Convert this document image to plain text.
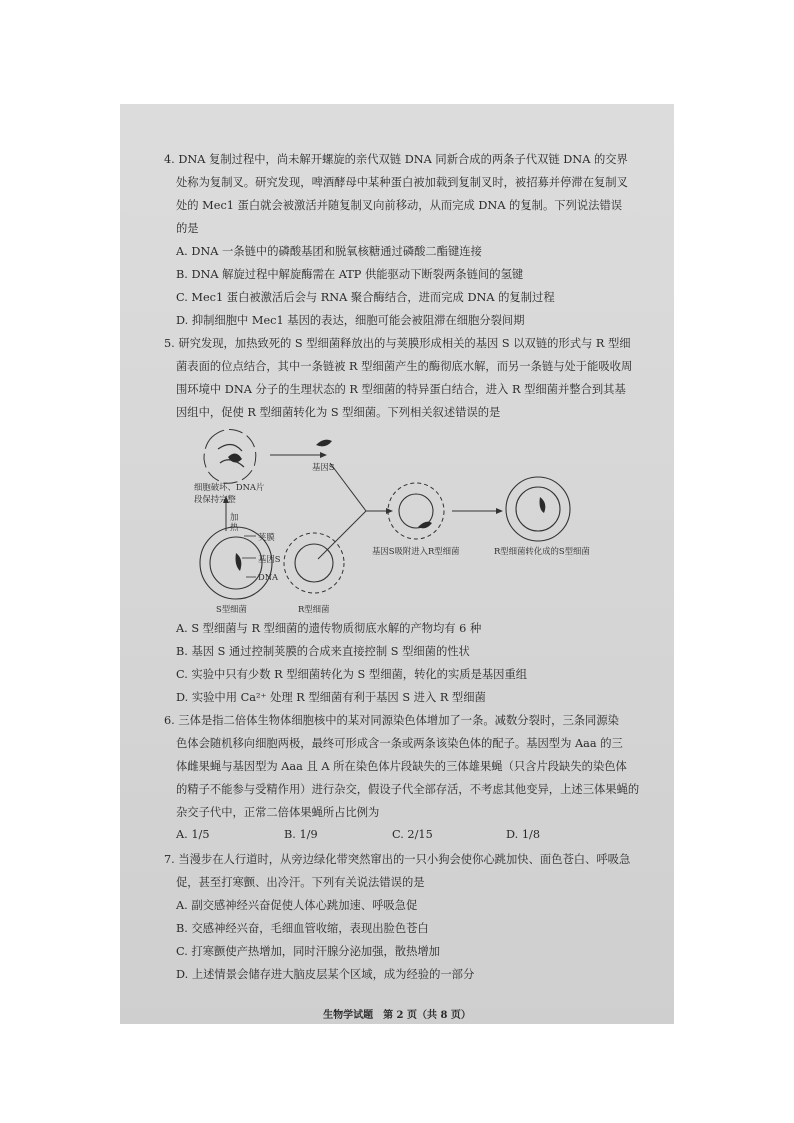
4. DNA 复制过程中，尚未解开螺旋的亲代双链 DNA 同新合成的两条子代双链 DNA 的交界
处称为复制叉。研究发现，啤酒酵母中某种蛋白被加载到复制叉时，被招募并停滞在复制叉
处的 Mec1 蛋白就会被激活并随复制叉向前移动，从而完成 DNA 的复制。下列说法错误
的是
A. DNA 一条链中的磷酸基团和脱氧核糖通过磷酸二酯键连接
B. DNA 解旋过程中解旋酶需在 ATP 供能驱动下断裂两条链间的氢键
C. Mec1 蛋白被激活后会与 RNA 聚合酶结合，进而完成 DNA 的复制过程
D. 抑制细胞中 Mec1 基因的表达，细胞可能会被阻滞在细胞分裂间期
5. 研究发现，加热致死的 S 型细菌释放出的与荚膜形成相关的基因 S 以双链的形式与 R 型细
菌表面的位点结合，其中一条链被 R 型细菌产生的酶彻底水解，而另一条链与处于能吸收周
围环境中 DNA 分子的生理状态的 R 型细菌的特异蛋白结合，进入 R 型细菌并整合到其基
因组中，促使 R 型细菌转化为 S 型细菌。下列相关叙述错误的是
细胞破坏、DNA片
段保持完整
基因S
加
热
荚膜
基因S
DNA
S型细菌	R型细菌
基因S吸附进入R型细菌	R型细菌转化成的S型细菌
A. S 型细菌与 R 型细菌的遗传物质彻底水解的产物均有 6 种
B. 基因 S 通过控制荚膜的合成来直接控制 S 型细菌的性状
C. 实验中只有少数 R 型细菌转化为 S 型细菌，转化的实质是基因重组
D. 实验中用 Ca²⁺ 处理 R 型细菌有利于基因 S 进入 R 型细菌
6. 三体是指二倍体生物体细胞核中的某对同源染色体增加了一条。减数分裂时，三条同源染
色体会随机移向细胞两极，最终可形成含一条或两条该染色体的配子。基因型为 Aaa 的三
体雌果蝇与基因型为 Aaa 且 A 所在染色体片段缺失的三体雄果蝇（只含片段缺失的染色体
的精子不能参与受精作用）进行杂交，假设子代全部存活，不考虑其他变异，上述三体果蝇的
杂交子代中，正常二倍体果蝇所占比例为
A. 1/5	B. 1/9	C. 2/15	D. 1/8
7. 当漫步在人行道时，从旁边绿化带突然窜出的一只小狗会使你心跳加快、面色苍白、呼吸急
促，甚至打寒颤、出冷汗。下列有关说法错误的是
A. 副交感神经兴奋促使人体心跳加速、呼吸急促
B. 交感神经兴奋，毛细血管收缩，表现出脸色苍白
C. 打寒颤使产热增加，同时汗腺分泌加强，散热增加
D. 上述情景会储存进大脑皮层某个区域，成为经验的一部分
生物学试题　第 2 页（共 8 页）
